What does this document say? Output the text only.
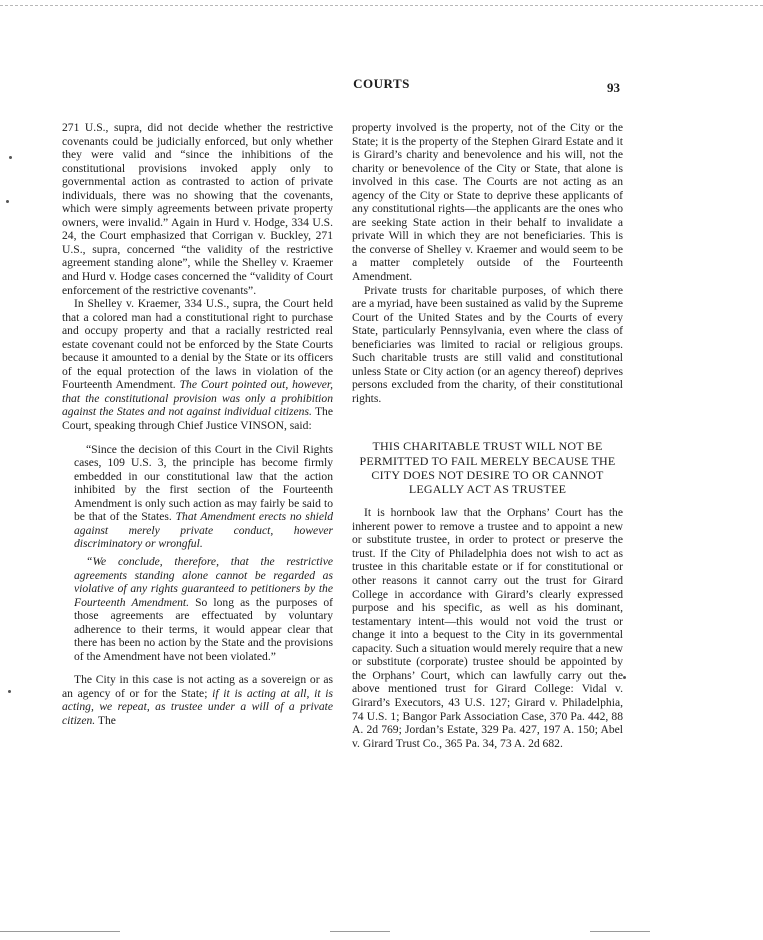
COURTS	93

271 U.S., supra, did not decide whether the restrictive covenants could be judicially enforced, but only whether they were valid and “since the inhibitions of the constitutional provisions invoked apply only to governmental action as contrasted to action of private individuals, there was no showing that the covenants, which were simply agreements between private property owners, were invalid.” Again in Hurd v. Hodge, 334 U.S. 24, the Court emphasized that Corrigan v. Buckley, 271 U.S., supra, concerned “the validity of the restrictive agreement standing alone”, while the Shelley v. Kraemer and Hurd v. Hodge cases concerned the “validity of Court enforcement of the restrictive covenants”.

In Shelley v. Kraemer, 334 U.S., supra, the Court held that a colored man had a constitutional right to purchase and occupy property and that a racially restricted real estate covenant could not be enforced by the State Courts because it amounted to a denial by the State or its officers of the equal protection of the laws in violation of the Fourteenth Amendment. The Court pointed out, however, that the constitutional provision was only a prohibition against the States and not against individual citizens. The Court, speaking through Chief Justice VINSON, said:

“Since the decision of this Court in the Civil Rights cases, 109 U.S. 3, the principle has become firmly embedded in our constitutional law that the action inhibited by the first section of the Fourteenth Amendment is only such action as may fairly be said to be that of the States. That Amendment erects no shield against merely private conduct, however discriminatory or wrongful.

“We conclude, therefore, that the restrictive agreements standing alone cannot be regarded as violative of any rights guaranteed to petitioners by the Fourteenth Amendment. So long as the purposes of those agreements are effectuated by voluntary adherence to their terms, it would appear clear that there has been no action by the State and the provisions of the Amendment have not been violated.”

The City in this case is not acting as a sovereign or as an agency of or for the State; if it is acting at all, it is acting, we repeat, as trustee under a will of a private citizen. The

property involved is the property, not of the City or the State; it is the property of the Stephen Girard Estate and it is Girard’s charity and benevolence and his will, not the charity or benevolence of the City or State, that alone is involved in this case. The Courts are not acting as an agency of the City or State to deprive these applicants of any constitutional rights—the applicants are the ones who are seeking State action in their behalf to invalidate a private Will in which they are not beneficiaries. This is the converse of Shelley v. Kraemer and would seem to be a matter completely outside of the Fourteenth Amendment.

Private trusts for charitable purposes, of which there are a myriad, have been sustained as valid by the Supreme Court of the United States and by the Courts of every State, particularly Pennsylvania, even where the class of beneficiaries was limited to racial or religious groups. Such charitable trusts are still valid and constitutional unless State or City action (or an agency thereof) deprives persons excluded from the charity, of their constitutional rights.

THIS CHARITABLE TRUST WILL NOT BE PERMITTED TO FAIL MERELY BECAUSE THE CITY DOES NOT DESIRE TO OR CANNOT LEGALLY ACT AS TRUSTEE

It is hornbook law that the Orphans’ Court has the inherent power to remove a trustee and to appoint a new or substitute trustee, in order to protect or preserve the trust. If the City of Philadelphia does not wish to act as trustee in this charitable estate or if for constitutional or other reasons it cannot carry out the trust for Girard College in accordance with Girard’s clearly expressed purpose and his specific, as well as his dominant, testamentary intent—this would not void the trust or change it into a bequest to the City in its governmental capacity. Such a situation would merely require that a new or substitute (corporate) trustee should be appointed by the Orphans’ Court, which can lawfully carry out the above mentioned trust for Girard College: Vidal v. Girard’s Executors, 43 U.S. 127; Girard v. Philadelphia, 74 U.S. 1; Bangor Park Association Case, 370 Pa. 442, 88 A. 2d 769; Jordan’s Estate, 329 Pa. 427, 197 A. 150; Abel v. Girard Trust Co., 365 Pa. 34, 73 A. 2d 682.
